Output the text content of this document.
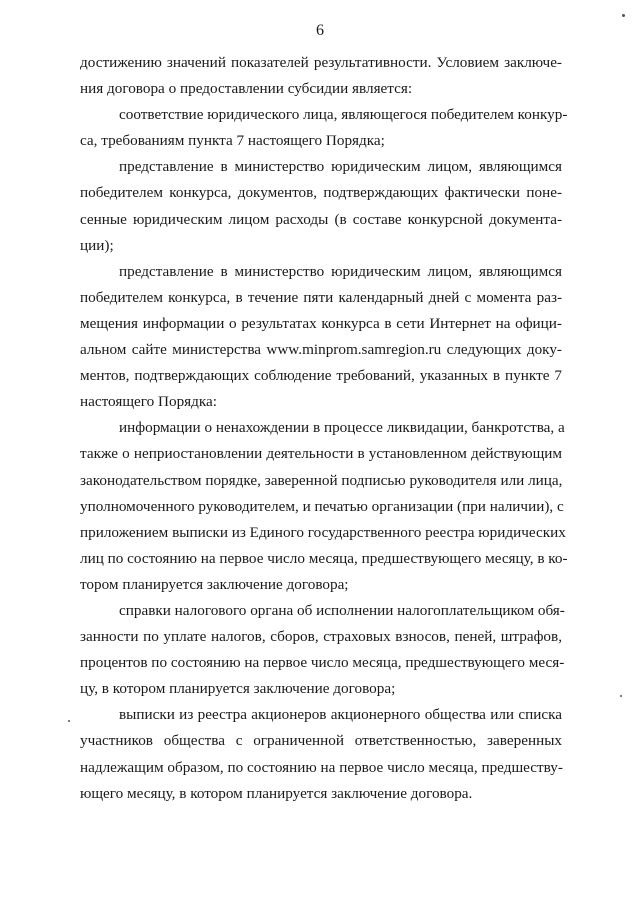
6
достижению значений показателей результативности. Условием заключе-
ния договора о предоставлении субсидии является:
соответствие юридического лица, являющегося победителем конкур-
са, требованиям пункта 7 настоящего Порядка;
представление в министерство юридическим лицом, являющимся
победителем конкурса, документов, подтверждающих фактически поне-
сенные юридическим лицом расходы (в составе конкурсной документа-
ции);
представление в министерство юридическим лицом, являющимся
победителем конкурса, в течение пяти календарный дней с момента раз-
мещения информации о результатах конкурса в сети Интернет на офици-
альном сайте министерства www.minprom.samregion.ru следующих доку-
ментов, подтверждающих соблюдение требований, указанных в пункте 7
настоящего Порядка:
информации о ненахождении в процессе ликвидации, банкротства, а
также о неприостановлении деятельности в установленном действующим
законодательством порядке, заверенной подписью руководителя или лица,
уполномоченного руководителем, и печатью организации (при наличии), с
приложением выписки из Единого государственного реестра юридических
лиц по состоянию на первое число месяца, предшествующего месяцу, в ко-
тором планируется заключение договора;
справки налогового органа об исполнении налогоплательщиком обя-
занности по уплате налогов, сборов, страховых взносов, пеней, штрафов,
процентов по состоянию на первое число месяца, предшествующего меся-
цу, в котором планируется заключение договора;
выписки из реестра акционеров акционерного общества или списка
участников общества с ограниченной ответственностью, заверенных
надлежащим образом, по состоянию на первое число месяца, предшеству-
ющего месяцу, в котором планируется заключение договора.
